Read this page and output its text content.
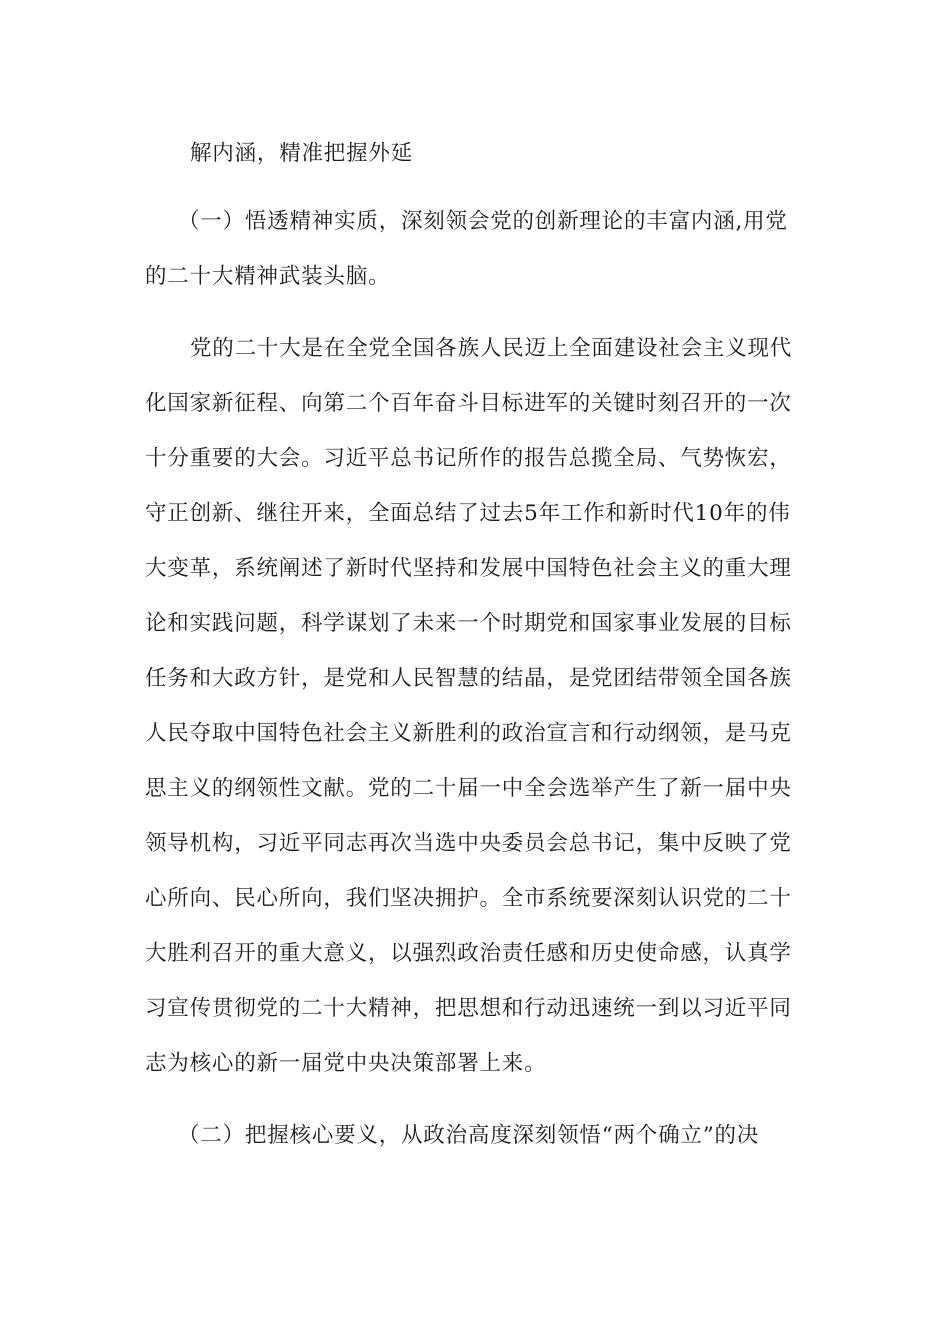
解内涵，精准把握外延
（一）悟透精神实质，深刻领会党的创新理论的丰富内涵,用党
的二十大精神武装头脑。
党的二十大是在全党全国各族人民迈上全面建设社会主义现代
化国家新征程、向第二个百年奋斗目标进军的关键时刻召开的一次
十分重要的大会。习近平总书记所作的报告总揽全局、气势恢宏，
守正创新、继往开来，全面总结了过去5年工作和新时代10年的伟
大变革，系统阐述了新时代坚持和发展中国特色社会主义的重大理
论和实践问题，科学谋划了未来一个时期党和国家事业发展的目标
任务和大政方针，是党和人民智慧的结晶，是党团结带领全国各族
人民夺取中国特色社会主义新胜利的政治宣言和行动纲领，是马克
思主义的纲领性文献。党的二十届一中全会选举产生了新一届中央
领导机构，习近平同志再次当选中央委员会总书记，集中反映了党
心所向、民心所向，我们坚决拥护。全市系统要深刻认识党的二十
大胜利召开的重大意义，以强烈政治责任感和历史使命感，认真学
习宣传贯彻党的二十大精神，把思想和行动迅速统一到以习近平同
志为核心的新一届党中央决策部署上来。
（二）把握核心要义，从政治高度深刻领悟“两个确立”的决
